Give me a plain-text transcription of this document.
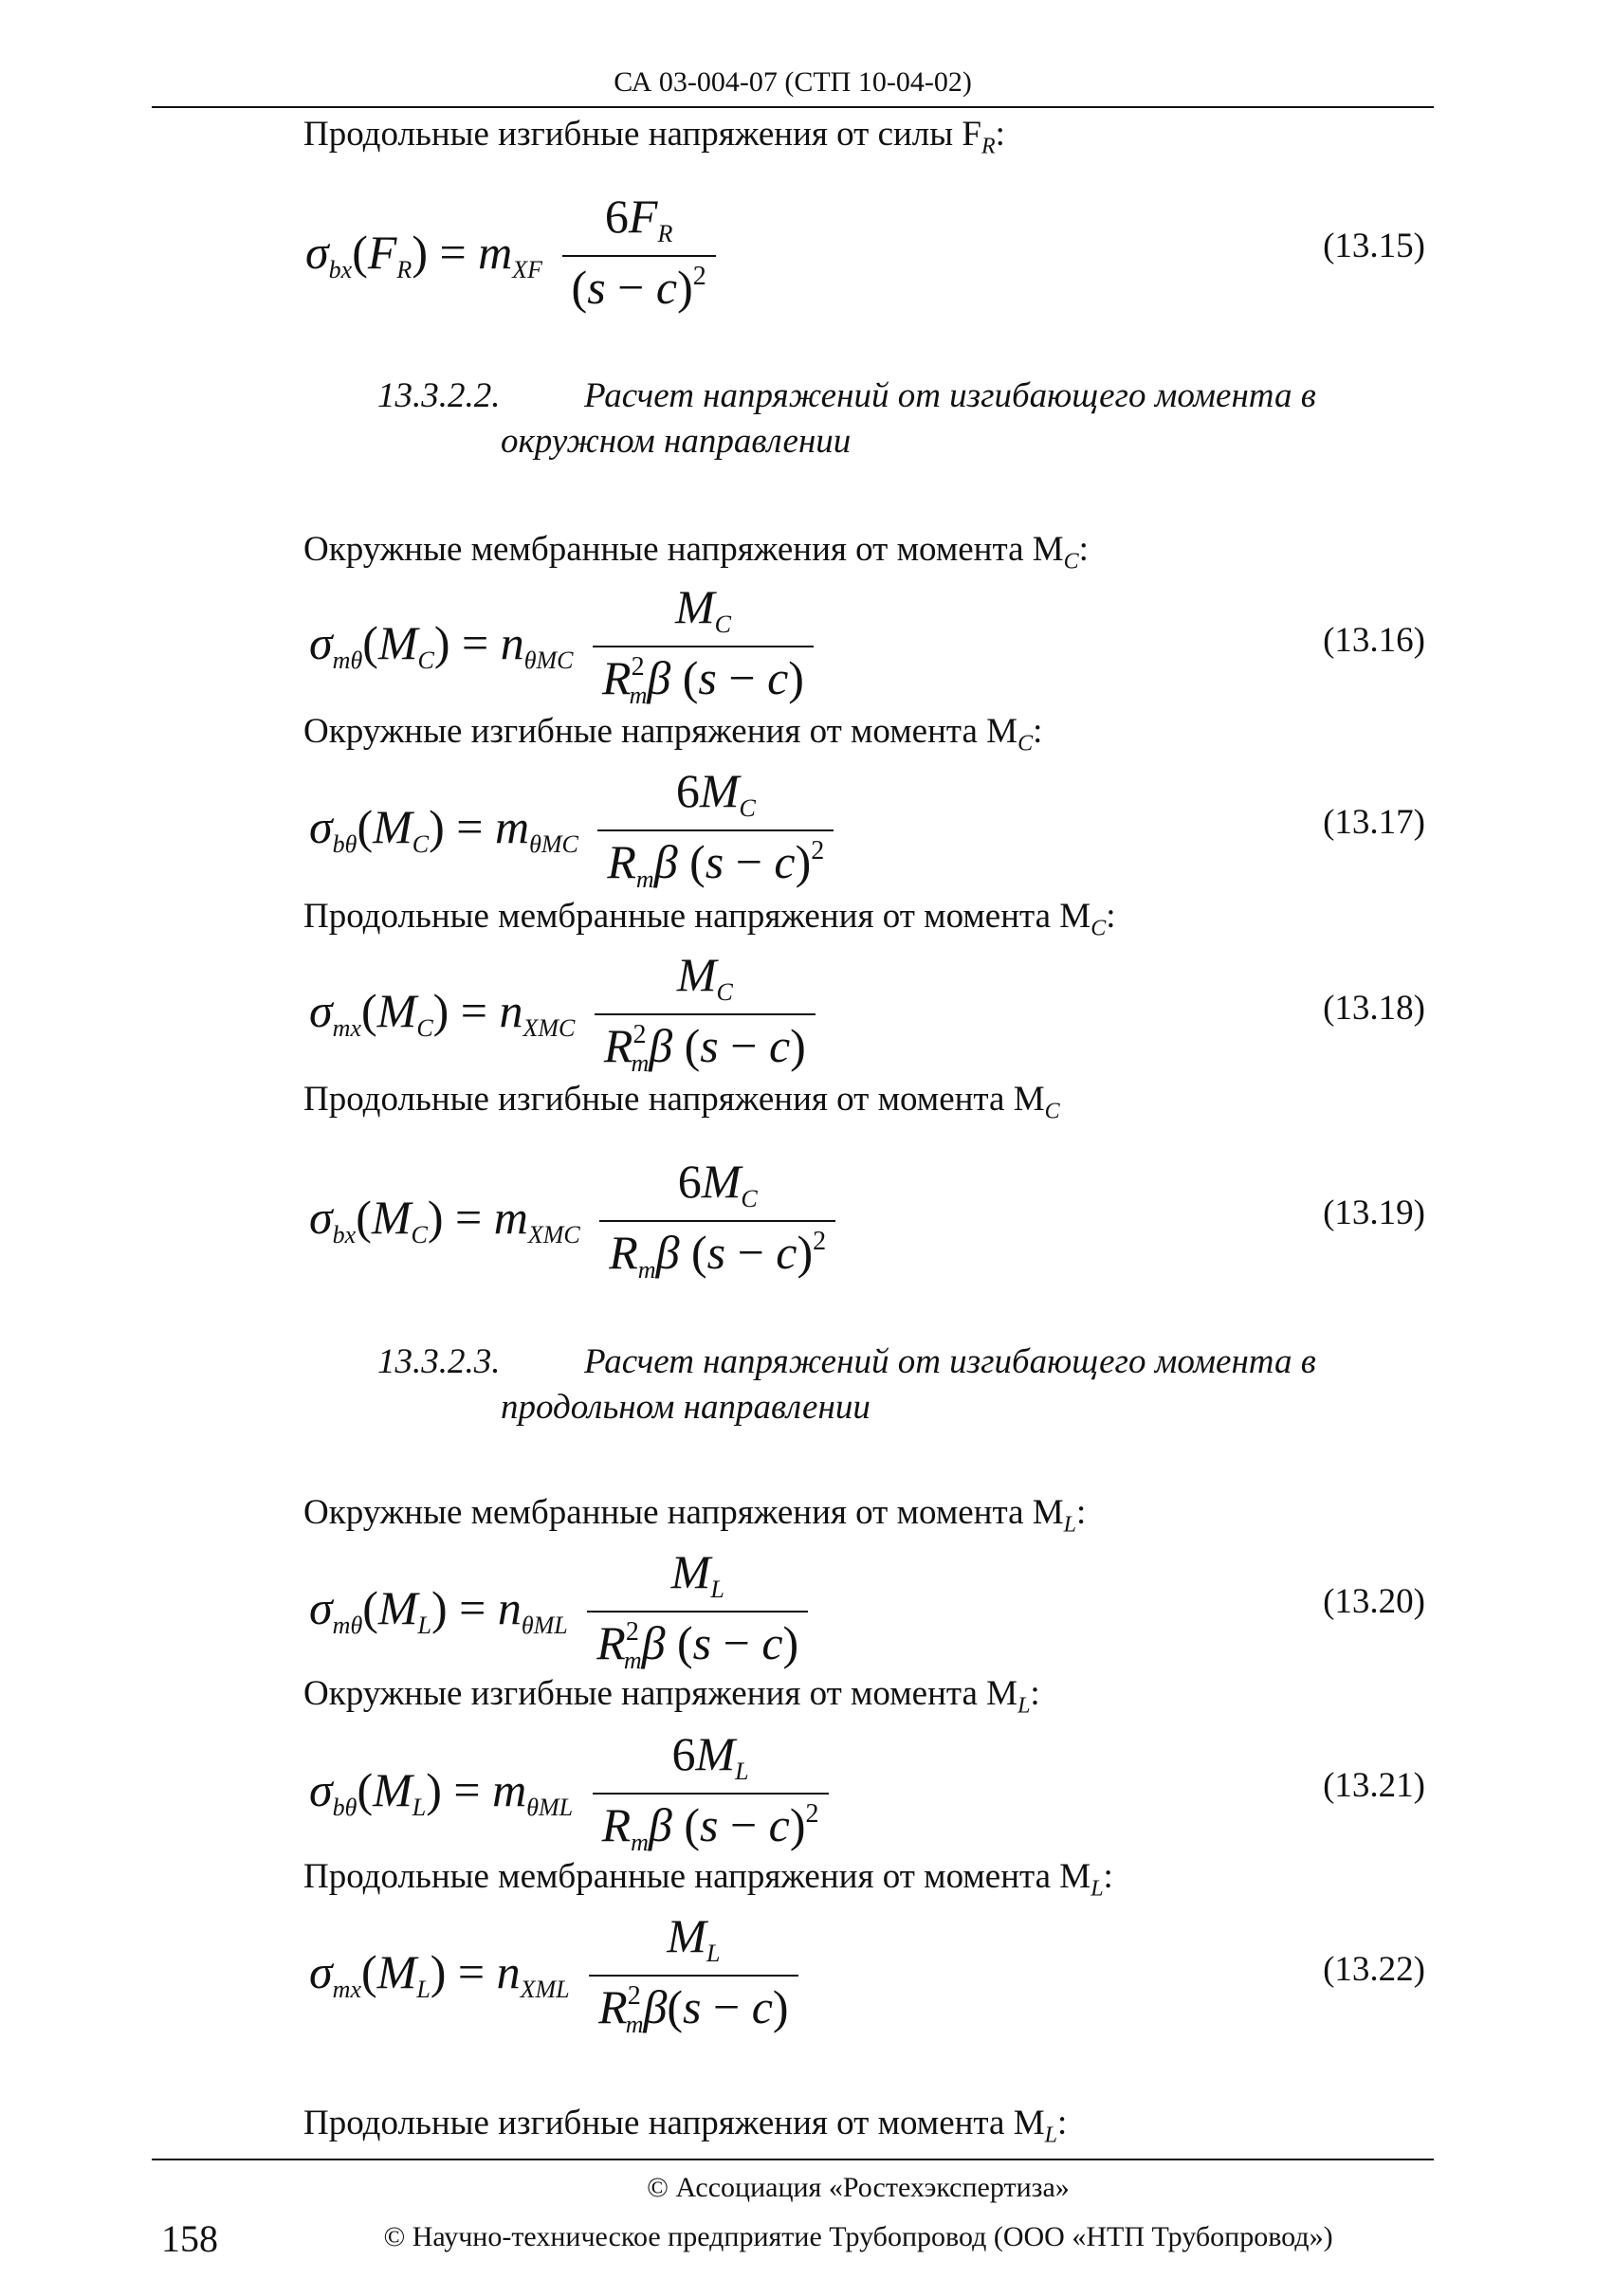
СА 03-004-07 (СТП 10-04-02)
Продольные изгибные напряжения от силы $F_R$:
$\sigma_{bx}(F_R) = m_{XF} \frac{6F_R}{(s - c)^2}$	(13.15)
13.3.2.2. Расчет напряжений от изгибающего момента в
окружном направлении
Окружные мембранные напряжения от момента $M_C$:
$\sigma_{m\theta}(M_C) = n_{\theta MC} \frac{M_C}{R^2_m\beta (s - c)}$	(13.16)
Окружные изгибные напряжения от момента $M_C$:
$\sigma_{b\theta}(M_C) = m_{\theta MC} \frac{6M_C}{R_m\beta (s - c)^2}$	(13.17)
Продольные мембранные напряжения от момента $M_C$:
$\sigma_{mx}(M_C) = n_{XMC} \frac{M_C}{R^2_m\beta (s - c)}$	(13.18)
Продольные изгибные напряжения от момента $M_C$
$\sigma_{bx}(M_C) = m_{XMC} \frac{6M_C}{R_m\beta (s - c)^2}$	(13.19)
13.3.2.3. Расчет напряжений от изгибающего момента в
продольном направлении
Окружные мембранные напряжения от момента $M_L$:
$\sigma_{m\theta}(M_L) = n_{\theta ML} \frac{M_L}{R^2_m\beta (s - c)}$	(13.20)
Окружные изгибные напряжения от момента $M_L$:
$\sigma_{b\theta}(M_L) = m_{\theta ML} \frac{6M_L}{R_m\beta (s - c)^2}$	(13.21)
Продольные мембранные напряжения от момента $M_L$:
$\sigma_{mx}(M_L) = n_{XML} \frac{M_L}{R^2_m\beta(s - c)}$	(13.22)
Продольные изгибные напряжения от момента $M_L$:
© Ассоциация «Ростехэкспертиза»
158	© Научно-техническое предприятие Трубопровод (ООО «НТП Трубопровод»)
